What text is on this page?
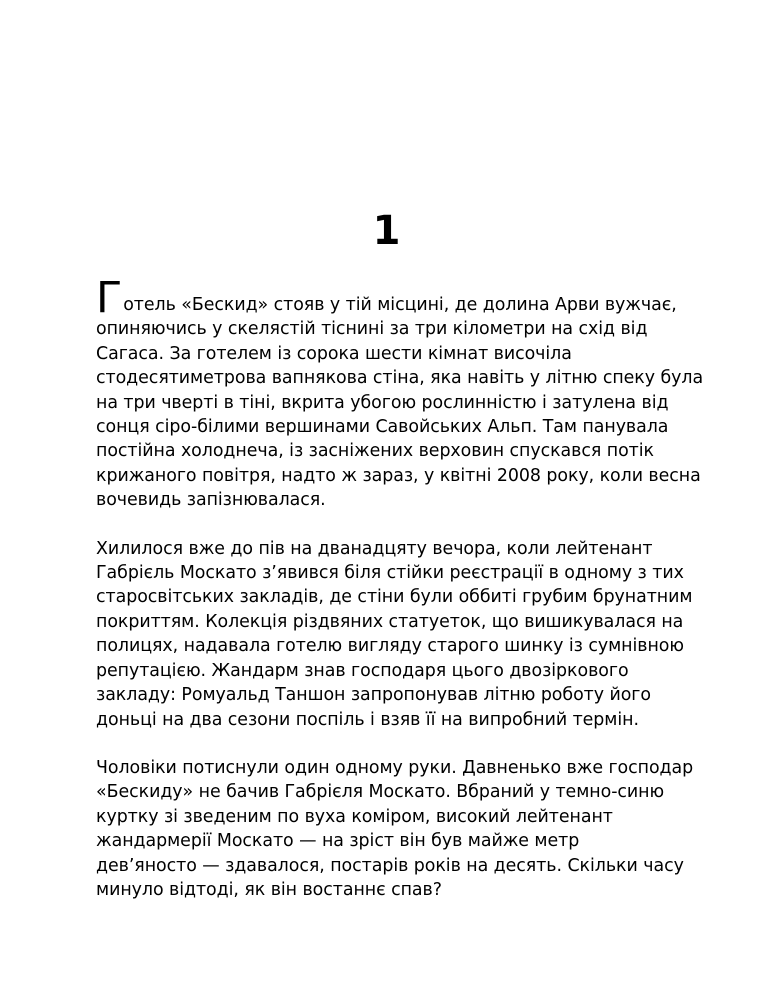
1
Готель «Бескид» стояв у тій місцині, де долина Арви вужчає,
опиняючись у скелястій тіснині за три кілометри на схід від
Сагаса. За готелем із сорока шести кімнат височіла
стодесятиметрова вапнякова стіна, яка навіть у літню спеку була
на три чверті в тіні, вкрита убогою рослинністю і затулена від
сонця сіро-білими вершинами Савойських Альп. Там панувала
постійна холоднеча, із засніжених верховин спускався потік
крижаного повітря, надто ж зараз, у квітні 2008 року, коли весна
вочевидь запізнювалася.
Хилилося вже до пів на дванадцяту вечора, коли лейтенант
Габрієль Москато з’явився біля стійки реєстрації в одному з тих
старосвітських закладів, де стіни були оббиті грубим брунатним
покриттям. Колекція різдвяних статуеток, що вишикувалася на
полицях, надавала готелю вигляду старого шинку із сумнівною
репутацією. Жандарм знав господаря цього двозіркового
закладу: Ромуальд Таншон запропонував літню роботу його
доньці на два сезони поспіль і взяв її на випробний термін.
Чоловіки потиснули один одному руки. Давненько вже господар
«Бескиду» не бачив Габрієля Москато. Вбраний у темно-синю
куртку зі зведеним по вуха коміром, високий лейтенант
жандармерії Москато — на зріст він був майже метр
дев’яносто — здавалося, постарів років на десять. Скільки часу
минуло відтоді, як він востаннє спав?
